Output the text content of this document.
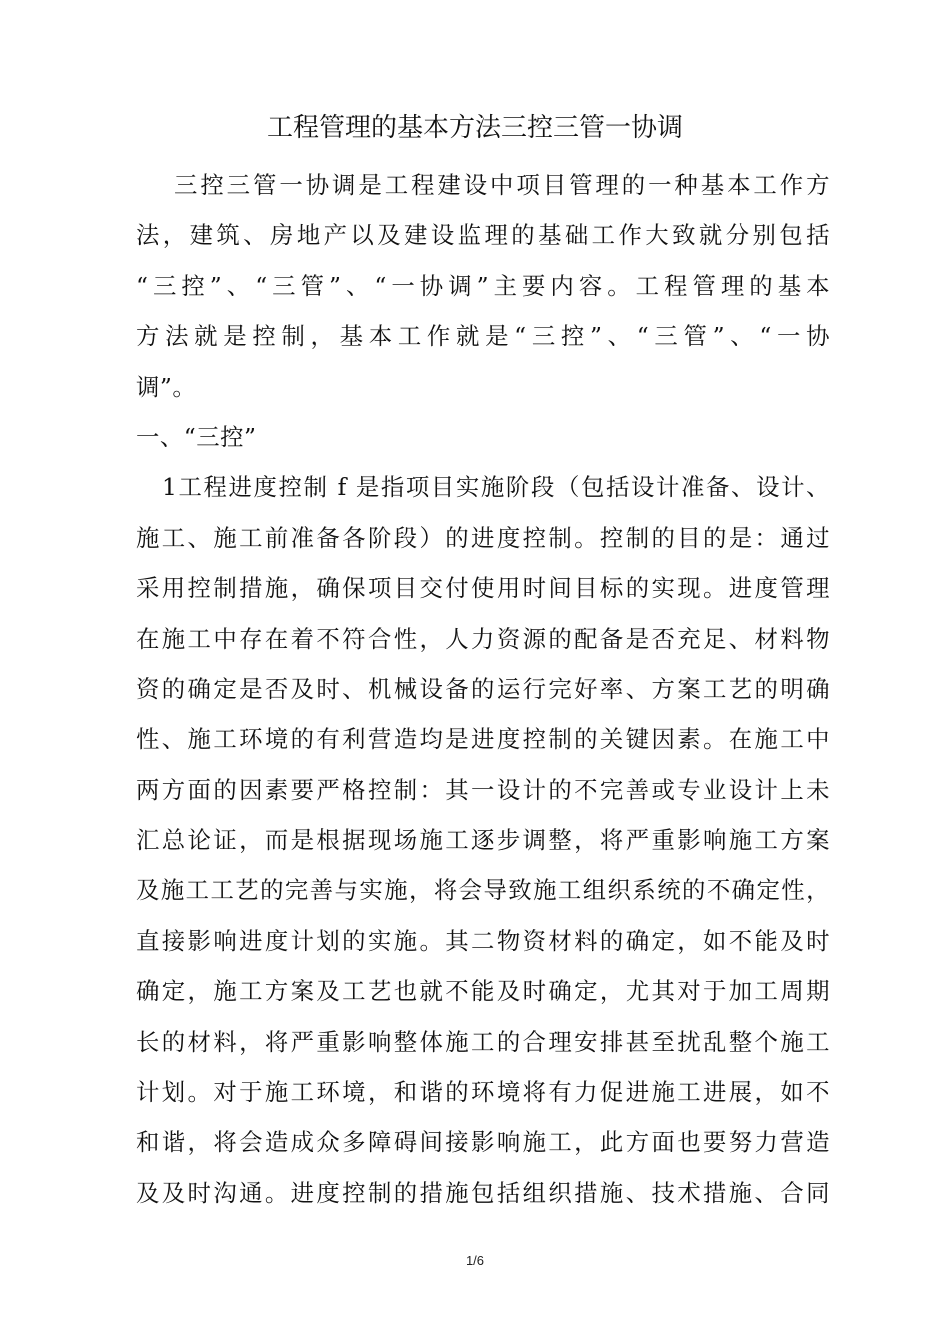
工程管理的基本方法三控三管一协调
三控三管一协调是工程建设中项目管理的一种基本工作方
法，建筑、房地产以及建设监理的基础工作大致就分别包括
“三控”、“三管”、“一协调”主要内容。工程管理的基本
方法就是控制，基本工作就是“三控”、“三管”、“一协
调”。
一、“三控”
1工程进度控制 f 是指项目实施阶段（包括设计准备、设计、
施工、施工前准备各阶段）的进度控制。控制的目的是：通过
采用控制措施，确保项目交付使用时间目标的实现。进度管理
在施工中存在着不符合性，人力资源的配备是否充足、材料物
资的确定是否及时、机械设备的运行完好率、方案工艺的明确
性、施工环境的有利营造均是进度控制的关键因素。在施工中
两方面的因素要严格控制：其一设计的不完善或专业设计上未
汇总论证，而是根据现场施工逐步调整，将严重影响施工方案
及施工工艺的完善与实施，将会导致施工组织系统的不确定性，
直接影响进度计划的实施。其二物资材料的确定，如不能及时
确定，施工方案及工艺也就不能及时确定，尤其对于加工周期
长的材料，将严重影响整体施工的合理安排甚至扰乱整个施工
计划。对于施工环境，和谐的环境将有力促进施工进展，如不
和谐，将会造成众多障碍间接影响施工，此方面也要努力营造
及及时沟通。进度控制的措施包括组织措施、技术措施、合同
1/6
